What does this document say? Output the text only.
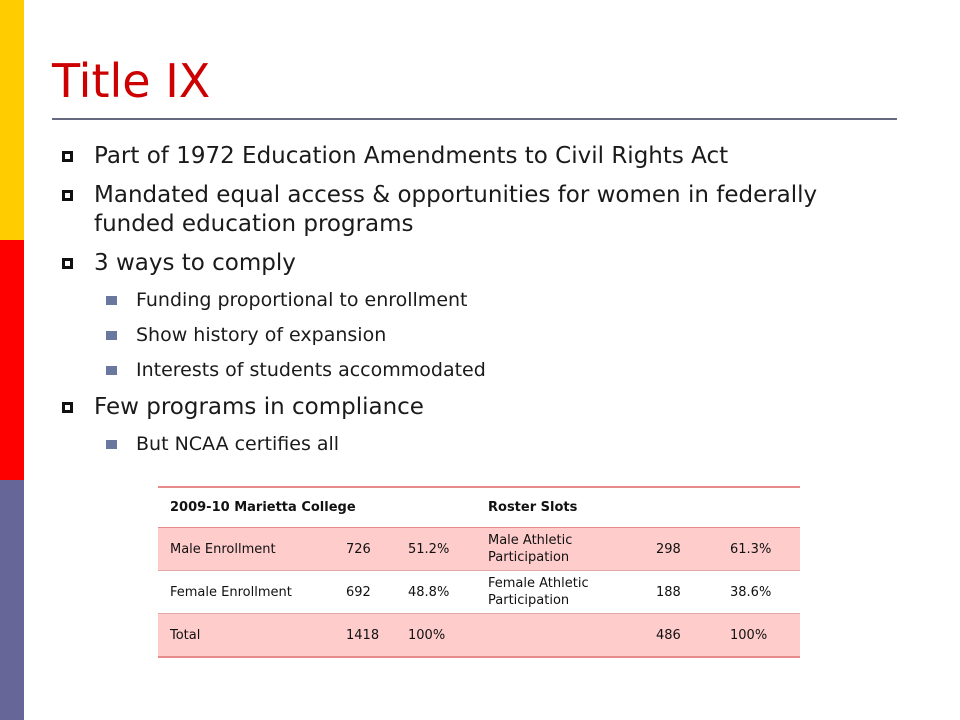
Title IX
Part of 1972 Education Amendments to Civil Rights Act
Mandated equal access & opportunities for women in federally funded education programs
3 ways to comply
Funding proportional to enrollment
Show history of expansion
Interests of students accommodated
Few programs in compliance
But NCAA certifies all
2009-10 Marietta College			Roster Slots		
Male Enrollment	726	51.2%	Male Athletic Participation	298	61.3%
Female Enrollment	692	48.8%	Female Athletic Participation	188	38.6%
Total	1418	100%		486	100%
